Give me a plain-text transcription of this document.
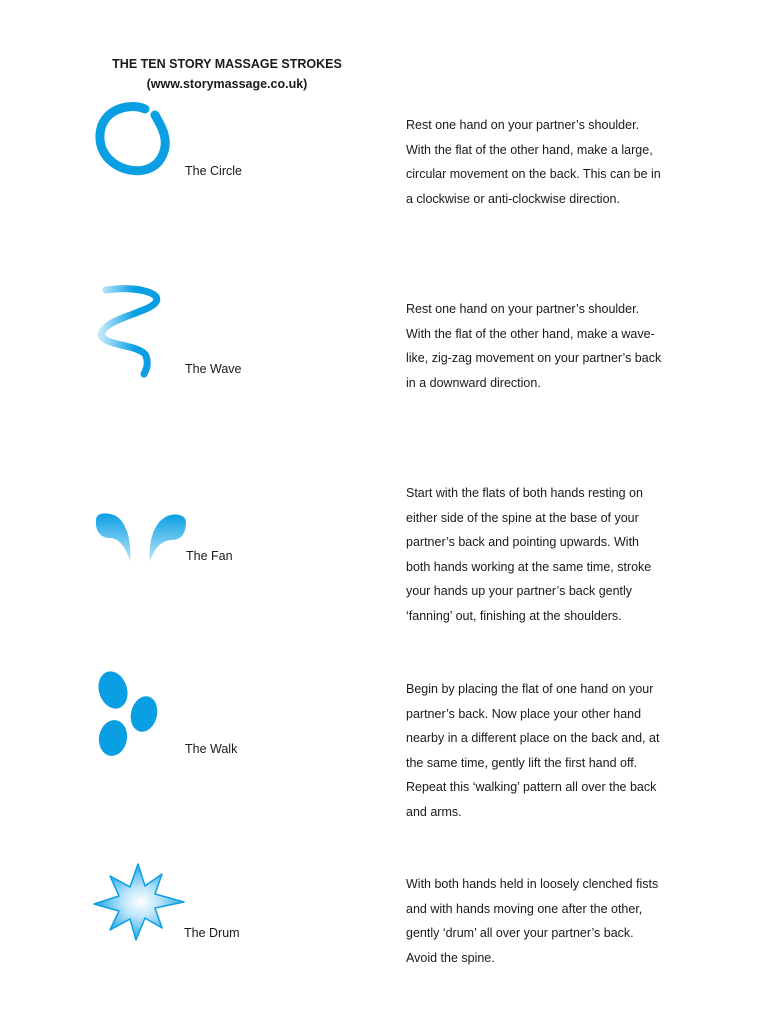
THE TEN STORY MASSAGE STROKES

(www.storymassage.co.uk)

The Circle

Rest one hand on your partner’s shoulder.
With the flat of the other hand, make a large,
circular movement on the back. This can be in
a clockwise or anti-clockwise direction.

The Wave

Rest one hand on your partner’s shoulder.
With the flat of the other hand, make a wave-
like, zig-zag movement on your partner’s back
in a downward direction.

The Fan

Start with the flats of both hands resting on
either side of the spine at the base of your
partner’s back and pointing upwards. With
both hands working at the same time, stroke
your hands up your partner’s back gently
‘fanning’ out, finishing at the shoulders.

The Walk

Begin by placing the flat of one hand on your
partner’s back. Now place your other hand
nearby in a different place on the back and, at
the same time, gently lift the first hand off.
Repeat this ‘walking’ pattern all over the back
and arms.

The Drum

With both hands held in loosely clenched fists
and with hands moving one after the other,
gently ‘drum’ all over your partner’s back.
Avoid the spine.
